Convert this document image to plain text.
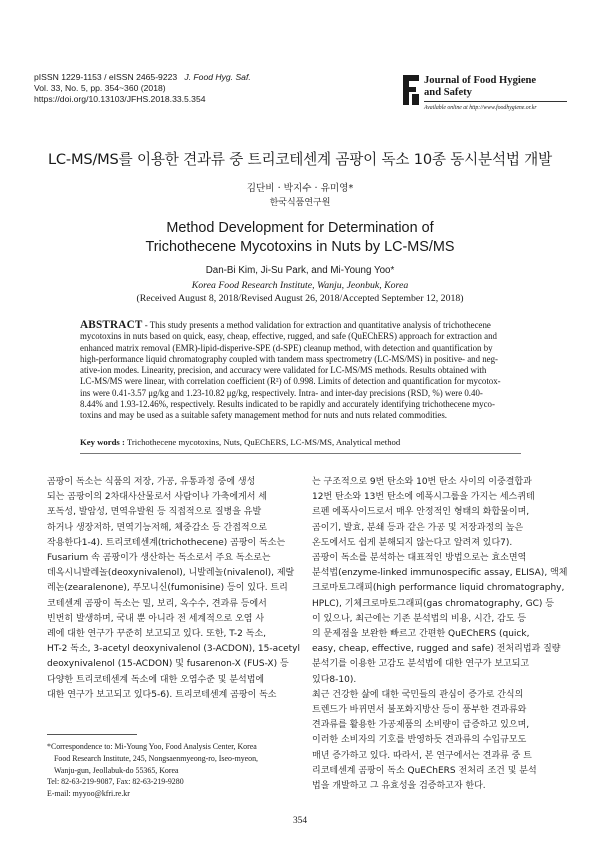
pISSN 1229-1153 / eISSN 2465-9223 J. Food Hyg. Saf.
Vol. 33, No. 5, pp. 354~360 (2018)
https://doi.org/10.13103/JFHS.2018.33.5.354
Journal of Food Hygiene
and Safety
Available online at http://www.foodhygiene.or.kr
LC-MS/MS를 이용한 견과류 중 트리코테센계 곰팡이 독소 10종 동시분석법 개발
김단비 · 박지수 · 유미영*
한국식품연구원
Method Development for Determination of
Trichothecene Mycotoxins in Nuts by LC-MS/MS
Dan-Bi Kim, Ji-Su Park, and Mi-Young Yoo*
Korea Food Research Institute, Wanju, Jeonbuk, Korea
(Received August 8, 2018/Revised August 26, 2018/Accepted September 12, 2018)
ABSTRACT - This study presents a method validation for extraction and quantitative analysis of trichothecene
mycotoxins in nuts based on quick, easy, cheap, effective, rugged, and safe (QuEChERS) approach for extraction and
enhanced matrix removal (EMR)-lipid-disperive-SPE (d-SPE) cleanup method, with detection and quantification by
high-performance liquid chromatography coupled with tandem mass spectrometry (LC-MS/MS) in positive- and neg-
ative-ion modes. Linearity, precision, and accuracy were validated for LC-MS/MS methods. Results obtained with
LC-MS/MS were linear, with correlation coefficient (R²) of 0.998. Limits of detection and quantification for mycotox-
ins were 0.41-3.57 μg/kg and 1.23-10.82 μg/kg, respectively. Intra- and inter-day precisions (RSD, %) were 0.40-
8.44% and 1.93-12.46%, respectively. Results indicated to be rapidly and accurately identifying trichothecene myco-
toxins and may be used as a suitable safety management method for nuts and nuts related commodities.
Key words : Trichothecene mycotoxins, Nuts, QuEChERS, LC-MS/MS, Analytical method
곰팡이 독소는 식품의 저장, 가공, 유통과정 중에 생성
되는 곰팡이의 2차대사산물로서 사람이나 가축에게서 세
포독성, 발암성, 면역유발원 등 직접적으로 질병을 유발
하거나 생장저하, 면역기능저해, 체중감소 등 간접적으로
작용한다1-4). 트리코테센계(trichothecene) 곰팡이 독소는
Fusarium 속 곰팡이가 생산하는 독소로서 주요 독소로는
데옥시니발레놀(deoxynivalenol), 니발레놀(nivalenol), 제랄
레논(zearalenone), 푸모니신(fumonisine) 등이 있다. 트리
코테센계 곰팡이 독소는 밀, 보리, 옥수수, 견과류 등에서
빈번히 발생하며, 국내 뿐 아니라 전 세계적으로 오염 사
례에 대한 연구가 꾸준히 보고되고 있다. 또한, T-2 독소,
HT-2 독소, 3-acetyl deoxynivalenol (3-ACDON), 15-acetyl
deoxynivalenol (15-ACDON) 및 fusarenon-X (FUS-X) 등
다양한 트리코테센계 독소에 대한 오염수준 및 분석법에
대한 연구가 보고되고 있다5-6). 트리코테센계 곰팡이 독소
는 구조적으로 9번 탄소와 10번 탄소 사이의 이중결합과
12번 탄소와 13번 탄소에 에폭시그룹을 가지는 세스퀴테
르펜 에폭사이드로서 매우 안정적인 형태의 화합물이며,
곰이기, 발효, 분쇄 등과 같은 가공 및 저장과정의 높은
온도에서도 쉽게 분해되지 않는다고 알려져 있다7).
곰팡이 독소를 분석하는 대표적인 방법으로는 효소면역
분석법(enzyme-linked immunospecific assay, ELISA), 액체
크로마토그래피(high performance liquid chromatography,
HPLC), 기체크로마토그래피(gas chromatography, GC) 등
이 있으나, 최근에는 기존 분석법의 비용, 시간, 감도 등
의 문제점을 보완한 빠르고 간편한 QuEChERS (quick,
easy, cheap, effective, rugged and safe) 전처리법과 질량
분석기를 이용한 고감도 분석법에 대한 연구가 보고되고
있다8-10).
최근 건강한 삶에 대한 국민들의 관심이 증가로 간식의
트렌드가 바뀌면서 불포화지방산 등이 풍부한 견과류와
견과류를 활용한 가공제품의 소비량이 급증하고 있으며,
이러한 소비자의 기호를 반영하듯 견과류의 수입규모도
매년 증가하고 있다. 따라서, 본 연구에서는 견과류 중 트
리코테센계 곰팡이 독소 QuEChERS 전처리 조건 및 분석
법을 개발하고 그 유효성을 검증하고자 한다.
*Correspondence to: Mi-Young Yoo, Food Analysis Center, Korea
Food Research Institute, 245, Nongsaenmyeong-ro, Iseo-myeon,
Wanju-gun, Jeollabuk-do 55365, Korea
Tel: 82-63-219-9087, Fax: 82-63-219-9280
E-mail: myyoo@kfri.re.kr
354
